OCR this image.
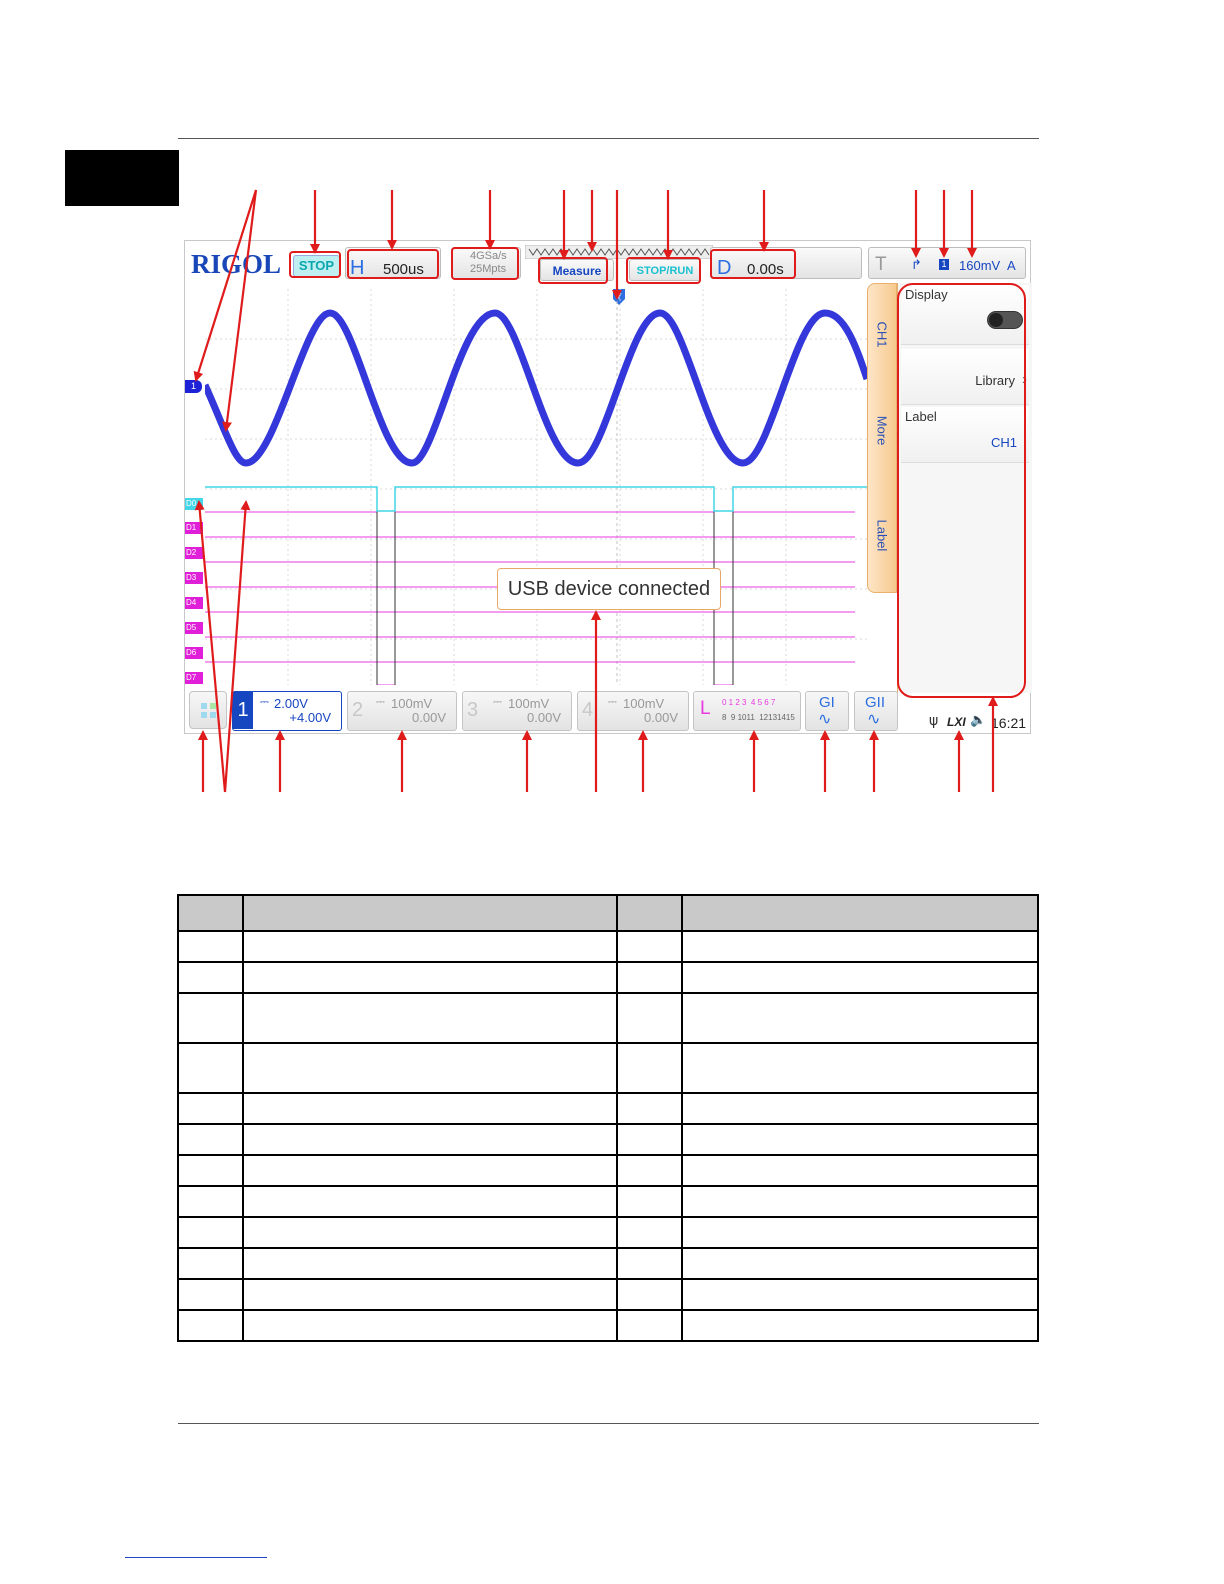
RIGOL	STOP H 500us
4GSa/s
25Mpts	Measure	STOP/RUN	D 0.00s	T ↱ 1 160mV A
T
1
D0
D1
D2
D3
D4
D5
D6
D7
USB device connected
CH1
More
Label
Display
Library ›
Label
CH1
1	2.00V
⎓
+4.00V 2 100mV
⎓
0.00V 3 100mV
⎓
0.00V 4 100mV
⎓
0.00V L 0 1 2 3  4 5 6 7
8  9 1011  12131415
GI
∿
GII
∿	ψ LXI 🔈 16:21
